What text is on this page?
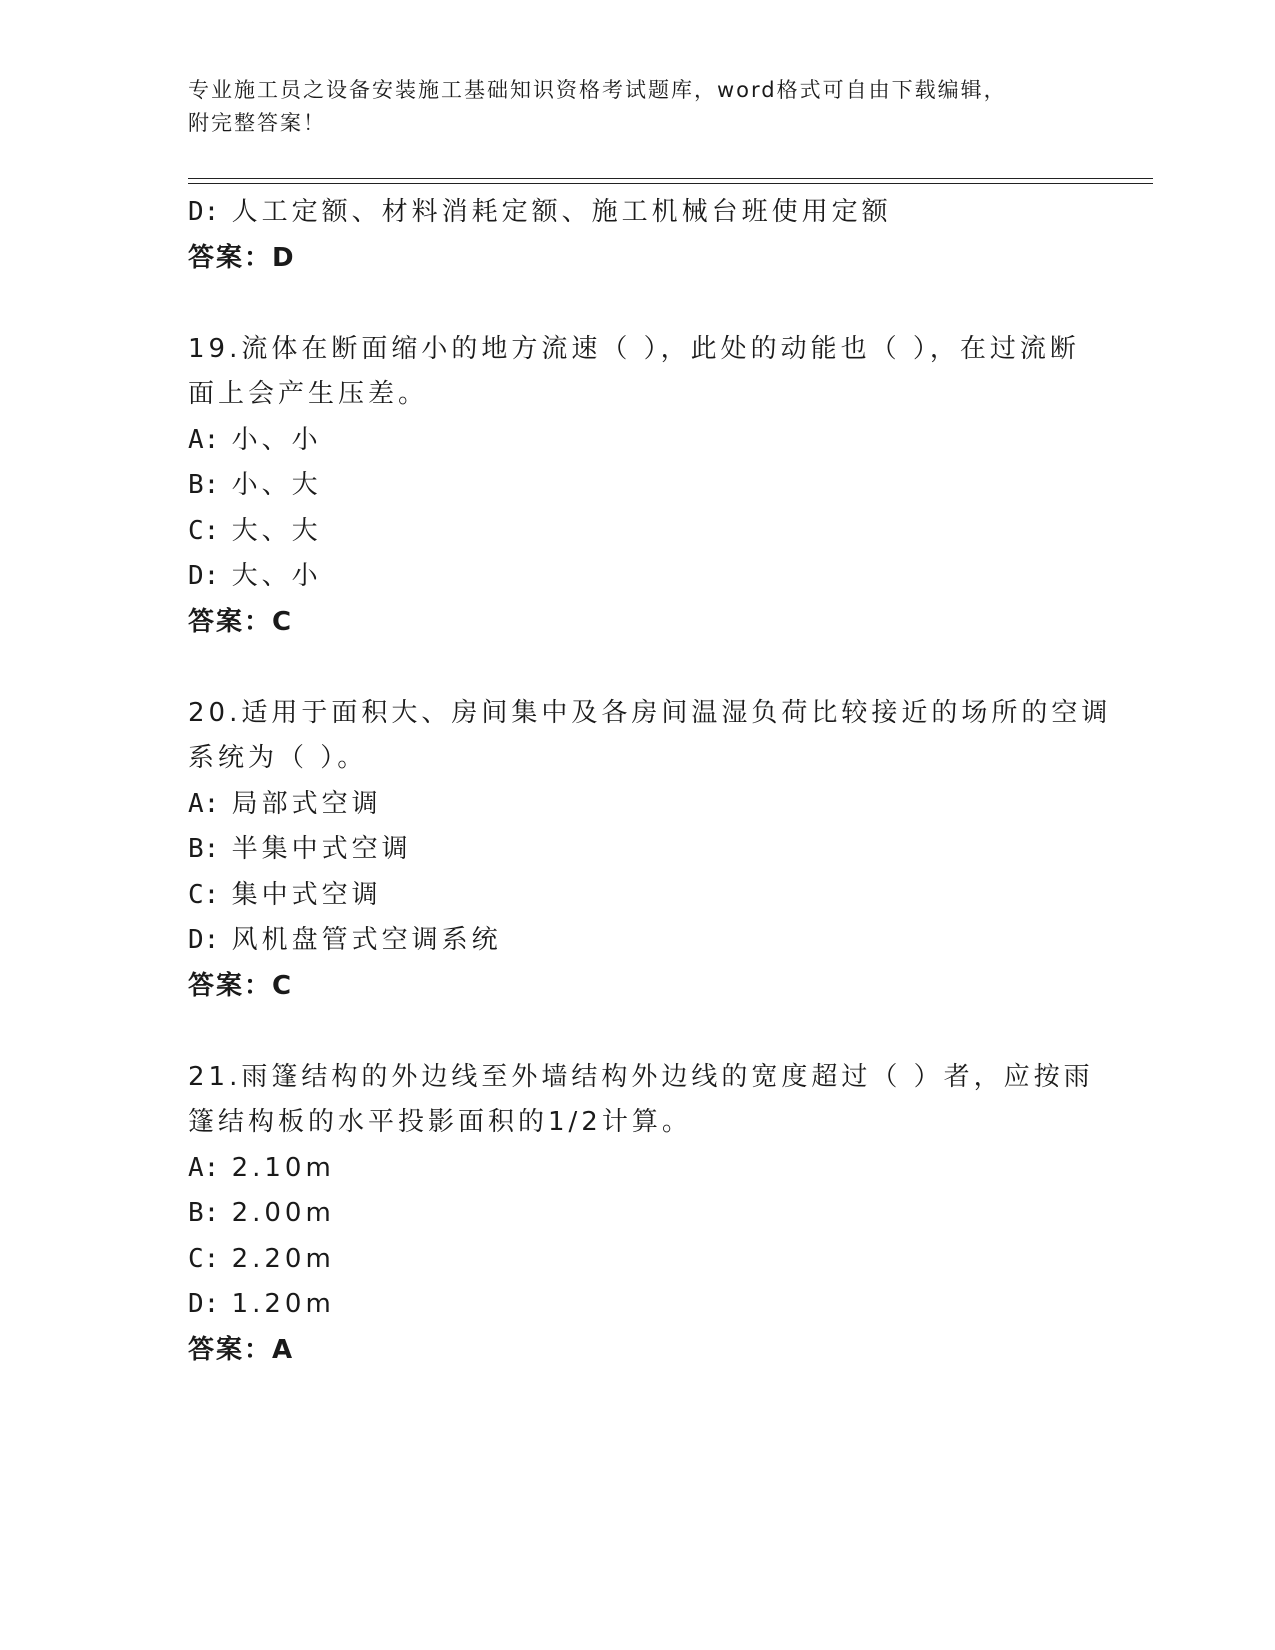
专业施工员之设备安装施工基础知识资格考试题库，word格式可自由下载编辑，
附完整答案！
D: 人工定额、材料消耗定额、施工机械台班使用定额
答案：D
19.流体在断面缩小的地方流速（ ），此处的动能也（ ），在过流断
面上会产生压差。
A: 小、小
B: 小、大
C: 大、大
D: 大、小
答案：C
20.适用于面积大、房间集中及各房间温湿负荷比较接近的场所的空调
系统为（ ）。
A: 局部式空调
B: 半集中式空调
C: 集中式空调
D: 风机盘管式空调系统
答案：C
21.雨篷结构的外边线至外墙结构外边线的宽度超过（ ）者，应按雨
篷结构板的水平投影面积的1/2计算。
A: 2.10m
B: 2.00m
C: 2.20m
D: 1.20m
答案：A
